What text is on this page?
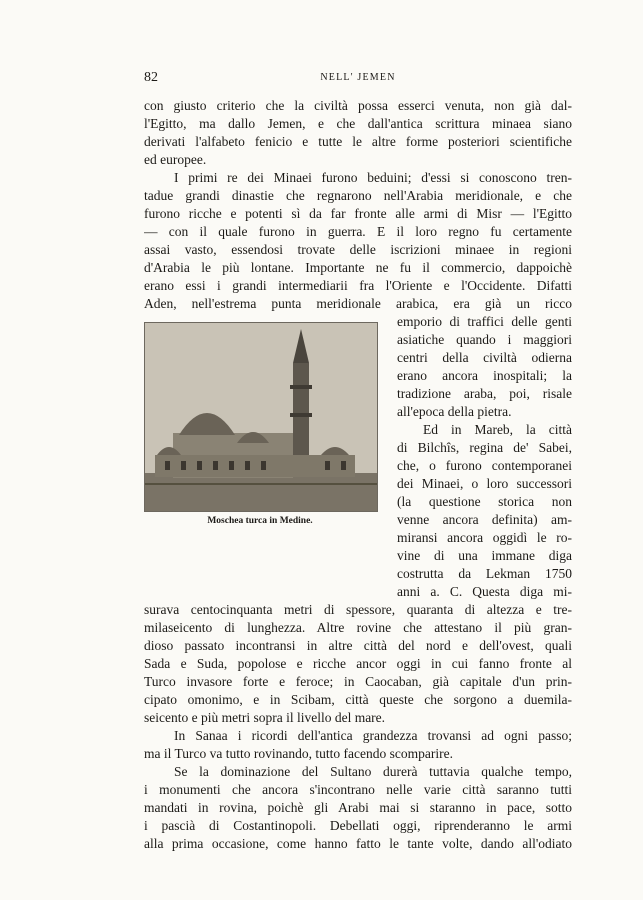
82	NELL' JEMEN
con giusto criterio che la civiltà possa esserci venuta, non già dal-
l'Egitto, ma dallo Jemen, e che dall'antica scrittura minaea siano
derivati l'alfabeto fenicio e tutte le altre forme posteriori scientifiche
ed europee.
I primi re dei Minaei furono beduini; d'essi si conoscono tren-
tadue grandi dinastie che regnarono nell'Arabia meridionale, e che
furono ricche e potenti sì da far fronte alle armi di Misr — l'Egitto
— con il quale furono in guerra. E il loro regno fu certamente
assai vasto, essendosi trovate delle iscrizioni minaee in regioni
d'Arabia le più lontane. Importante ne fu il commercio, dappoichè
erano essi i grandi intermediarii fra l'Oriente e l'Occidente. Difatti
Aden, nell'estrema punta meridionale arabica, era già un ricco
emporio di traffici delle genti
asiatiche quando i maggiori
centri della civiltà odierna
erano ancora inospitali; la
tradizione araba, poi, risale
all'epoca della pietra.
Ed in Mareb, la città
di Bilchîs, regina de' Sabei,
che, o furono contemporanei
dei Minaei, o loro successori
(la questione storica non
venne ancora definita) am-
miransi ancora oggidì le ro-
vine di una immane diga
costrutta da Lekman 1750
anni a. C. Questa diga mi-
surava centocinquanta metri di spessore, quaranta di altezza e tre-
milaseicento di lunghezza. Altre rovine che attestano il più gran-
dioso passato incontransi in altre città del nord e dell'ovest, quali
Sada e Suda, popolose e ricche ancor oggi in cui fanno fronte al
Turco invasore forte e feroce; in Caocaban, già capitale d'un prin-
cipato omonimo, e in Scibam, città queste che sorgono a duemila-
seicento e più metri sopra il livello del mare.
In Sanaa i ricordi dell'antica grandezza trovansi ad ogni passo;
ma il Turco va tutto rovinando, tutto facendo scomparire.
Se la dominazione del Sultano durerà tuttavia qualche tempo,
i monumenti che ancora s'incontrano nelle varie città saranno tutti
mandati in rovina, poichè gli Arabi mai si staranno in pace, sotto
i pascià di Costantinopoli. Debellati oggi, riprenderanno le armi
alla prima occasione, come hanno fatto le tante volte, dando all'odiato
Moschea turca in Medine.
